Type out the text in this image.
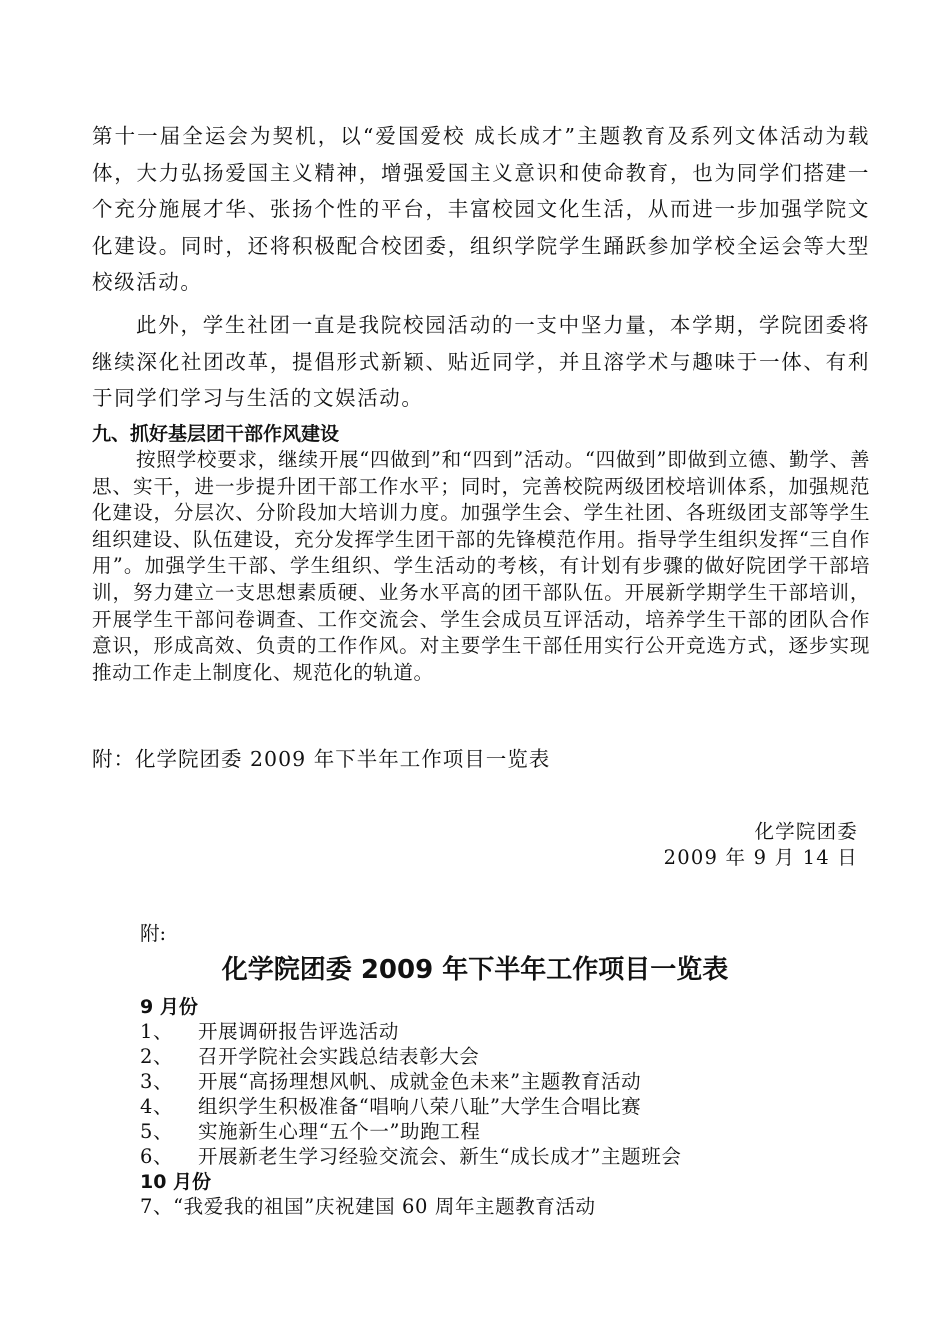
第十一届全运会为契机，以“爱国爱校 成长成才”主题教育及系列文体活动为载体，大力弘扬爱国主义精神，增强爱国主义意识和使命教育，也为同学们搭建一个充分施展才华、张扬个性的平台，丰富校园文化生活，从而进一步加强学院文化建设。同时，还将积极配合校团委，组织学院学生踊跃参加学校全运会等大型校级活动。

此外，学生社团一直是我院校园活动的一支中坚力量，本学期，学院团委将继续深化社团改革，提倡形式新颖、贴近同学，并且溶学术与趣味于一体、有利于同学们学习与生活的文娱活动。

九、抓好基层团干部作风建设

按照学校要求，继续开展“四做到”和“四到”活动。“四做到”即做到立德、勤学、善思、实干，进一步提升团干部工作水平；同时，完善校院两级团校培训体系，加强规范化建设，分层次、分阶段加大培训力度。加强学生会、学生社团、各班级团支部等学生组织建设、队伍建设，充分发挥学生团干部的先锋模范作用。指导学生组织发挥“三自作用”。加强学生干部、学生组织、学生活动的考核，有计划有步骤的做好院团学干部培训，努力建立一支思想素质硬、业务水平高的团干部队伍。开展新学期学生干部培训，开展学生干部问卷调查、工作交流会、学生会成员互评活动，培养学生干部的团队合作意识，形成高效、负责的工作作风。对主要学生干部任用实行公开竞选方式，逐步实现推动工作走上制度化、规范化的轨道。

附：化学院团委 2009 年下半年工作项目一览表

化学院团委

2009 年 9 月 14 日

附:

化学院团委 2009 年下半年工作项目一览表

9 月份

1、 开展调研报告评选活动

2、 召开学院社会实践总结表彰大会

3、 开展“高扬理想风帆、成就金色未来”主题教育活动

4、 组织学生积极准备“唱响八荣八耻”大学生合唱比赛

5、 实施新生心理“五个一”助跑工程

6、 开展新老生学习经验交流会、新生“成长成才”主题班会

10 月份

7、“我爱我的祖国”庆祝建国 60 周年主题教育活动
